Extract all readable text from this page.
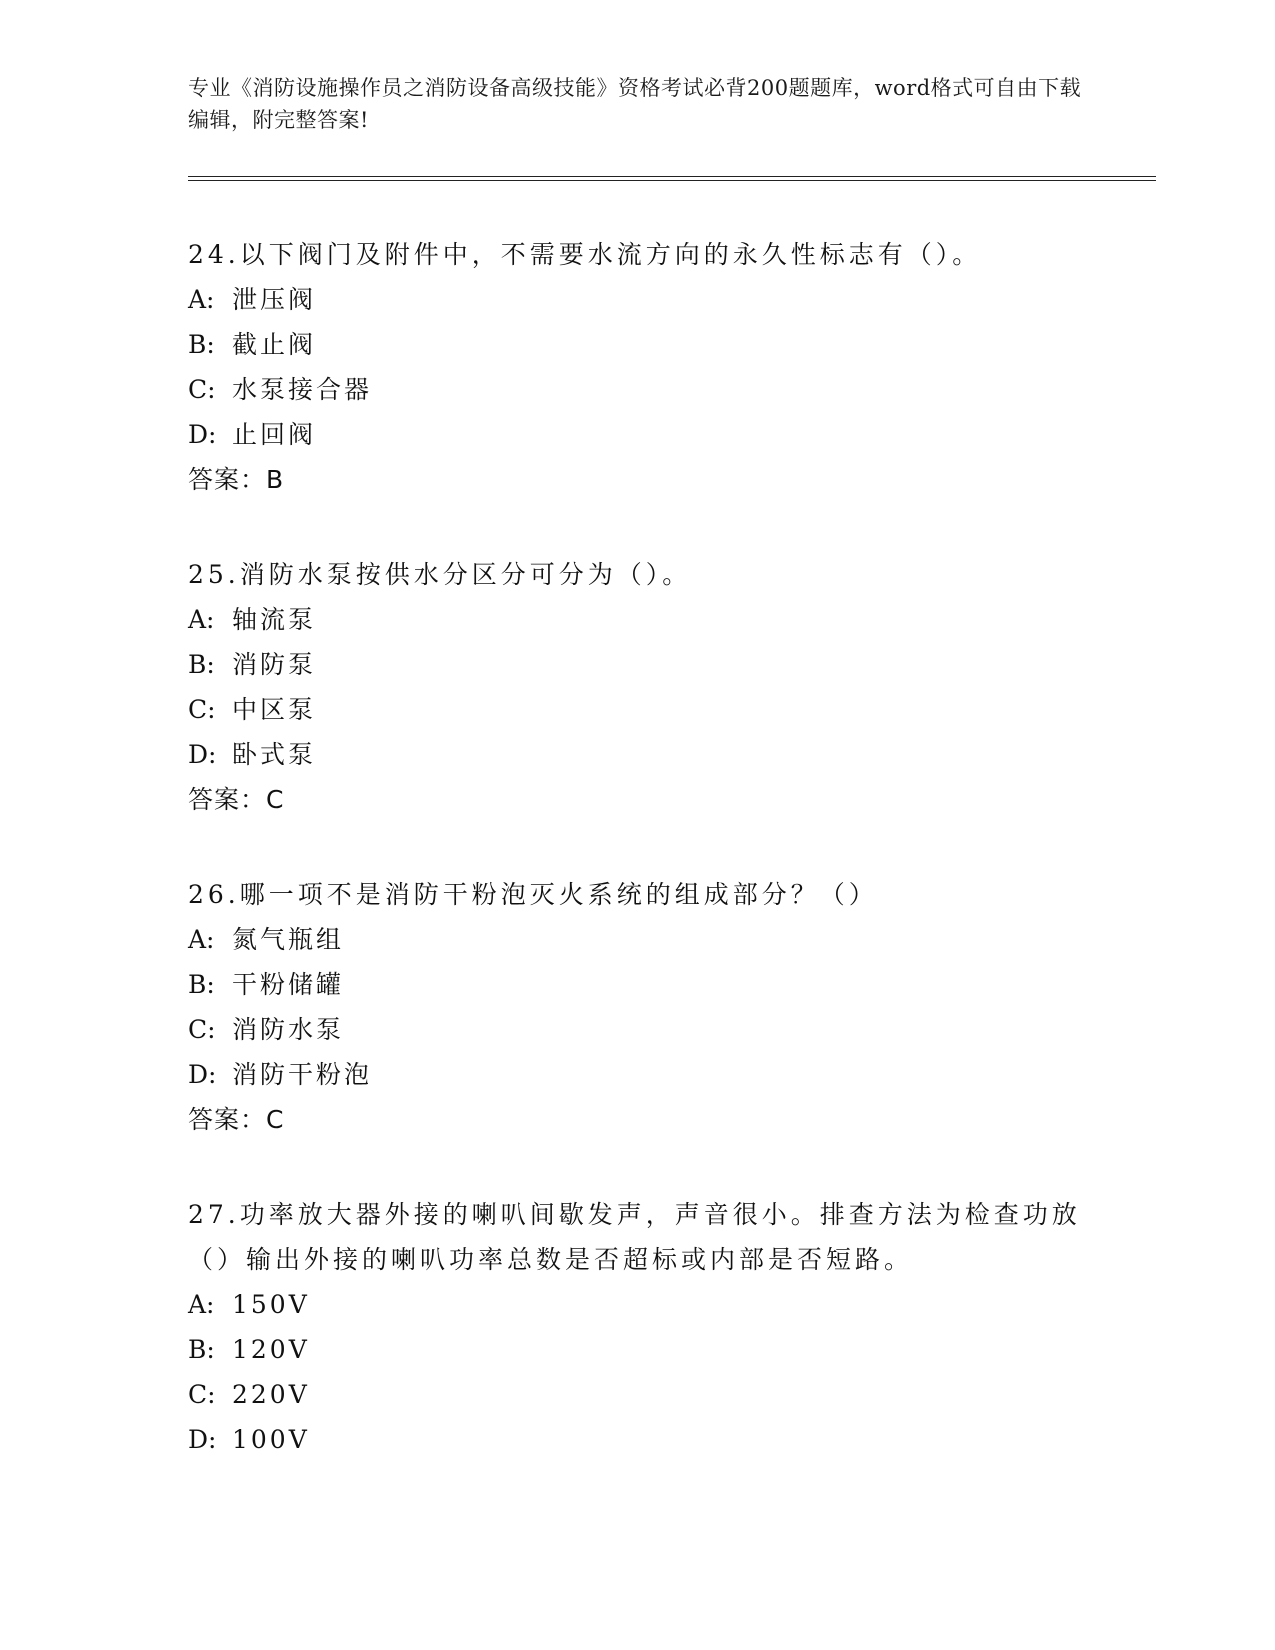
专业《消防设施操作员之消防设备高级技能》资格考试必背200题题库，word格式可自由下载编辑，附完整答案!

24.以下阀门及附件中，不需要水流方向的永久性标志有（）。

A: 泄压阀

B: 截止阀

C: 水泵接合器

D: 止回阀

答案：B

25.消防水泵按供水分区分可分为（）。

A: 轴流泵

B: 消防泵

C: 中区泵

D: 卧式泵

答案：C

26.哪一项不是消防干粉泡灭火系统的组成部分？（）

A: 氮气瓶组

B: 干粉储罐

C: 消防水泵

D: 消防干粉泡

答案：C

27.功率放大器外接的喇叭间歇发声，声音很小。排查方法为检查功放（）输出外接的喇叭功率总数是否超标或内部是否短路。

A: 150V

B: 120V

C: 220V

D: 100V
